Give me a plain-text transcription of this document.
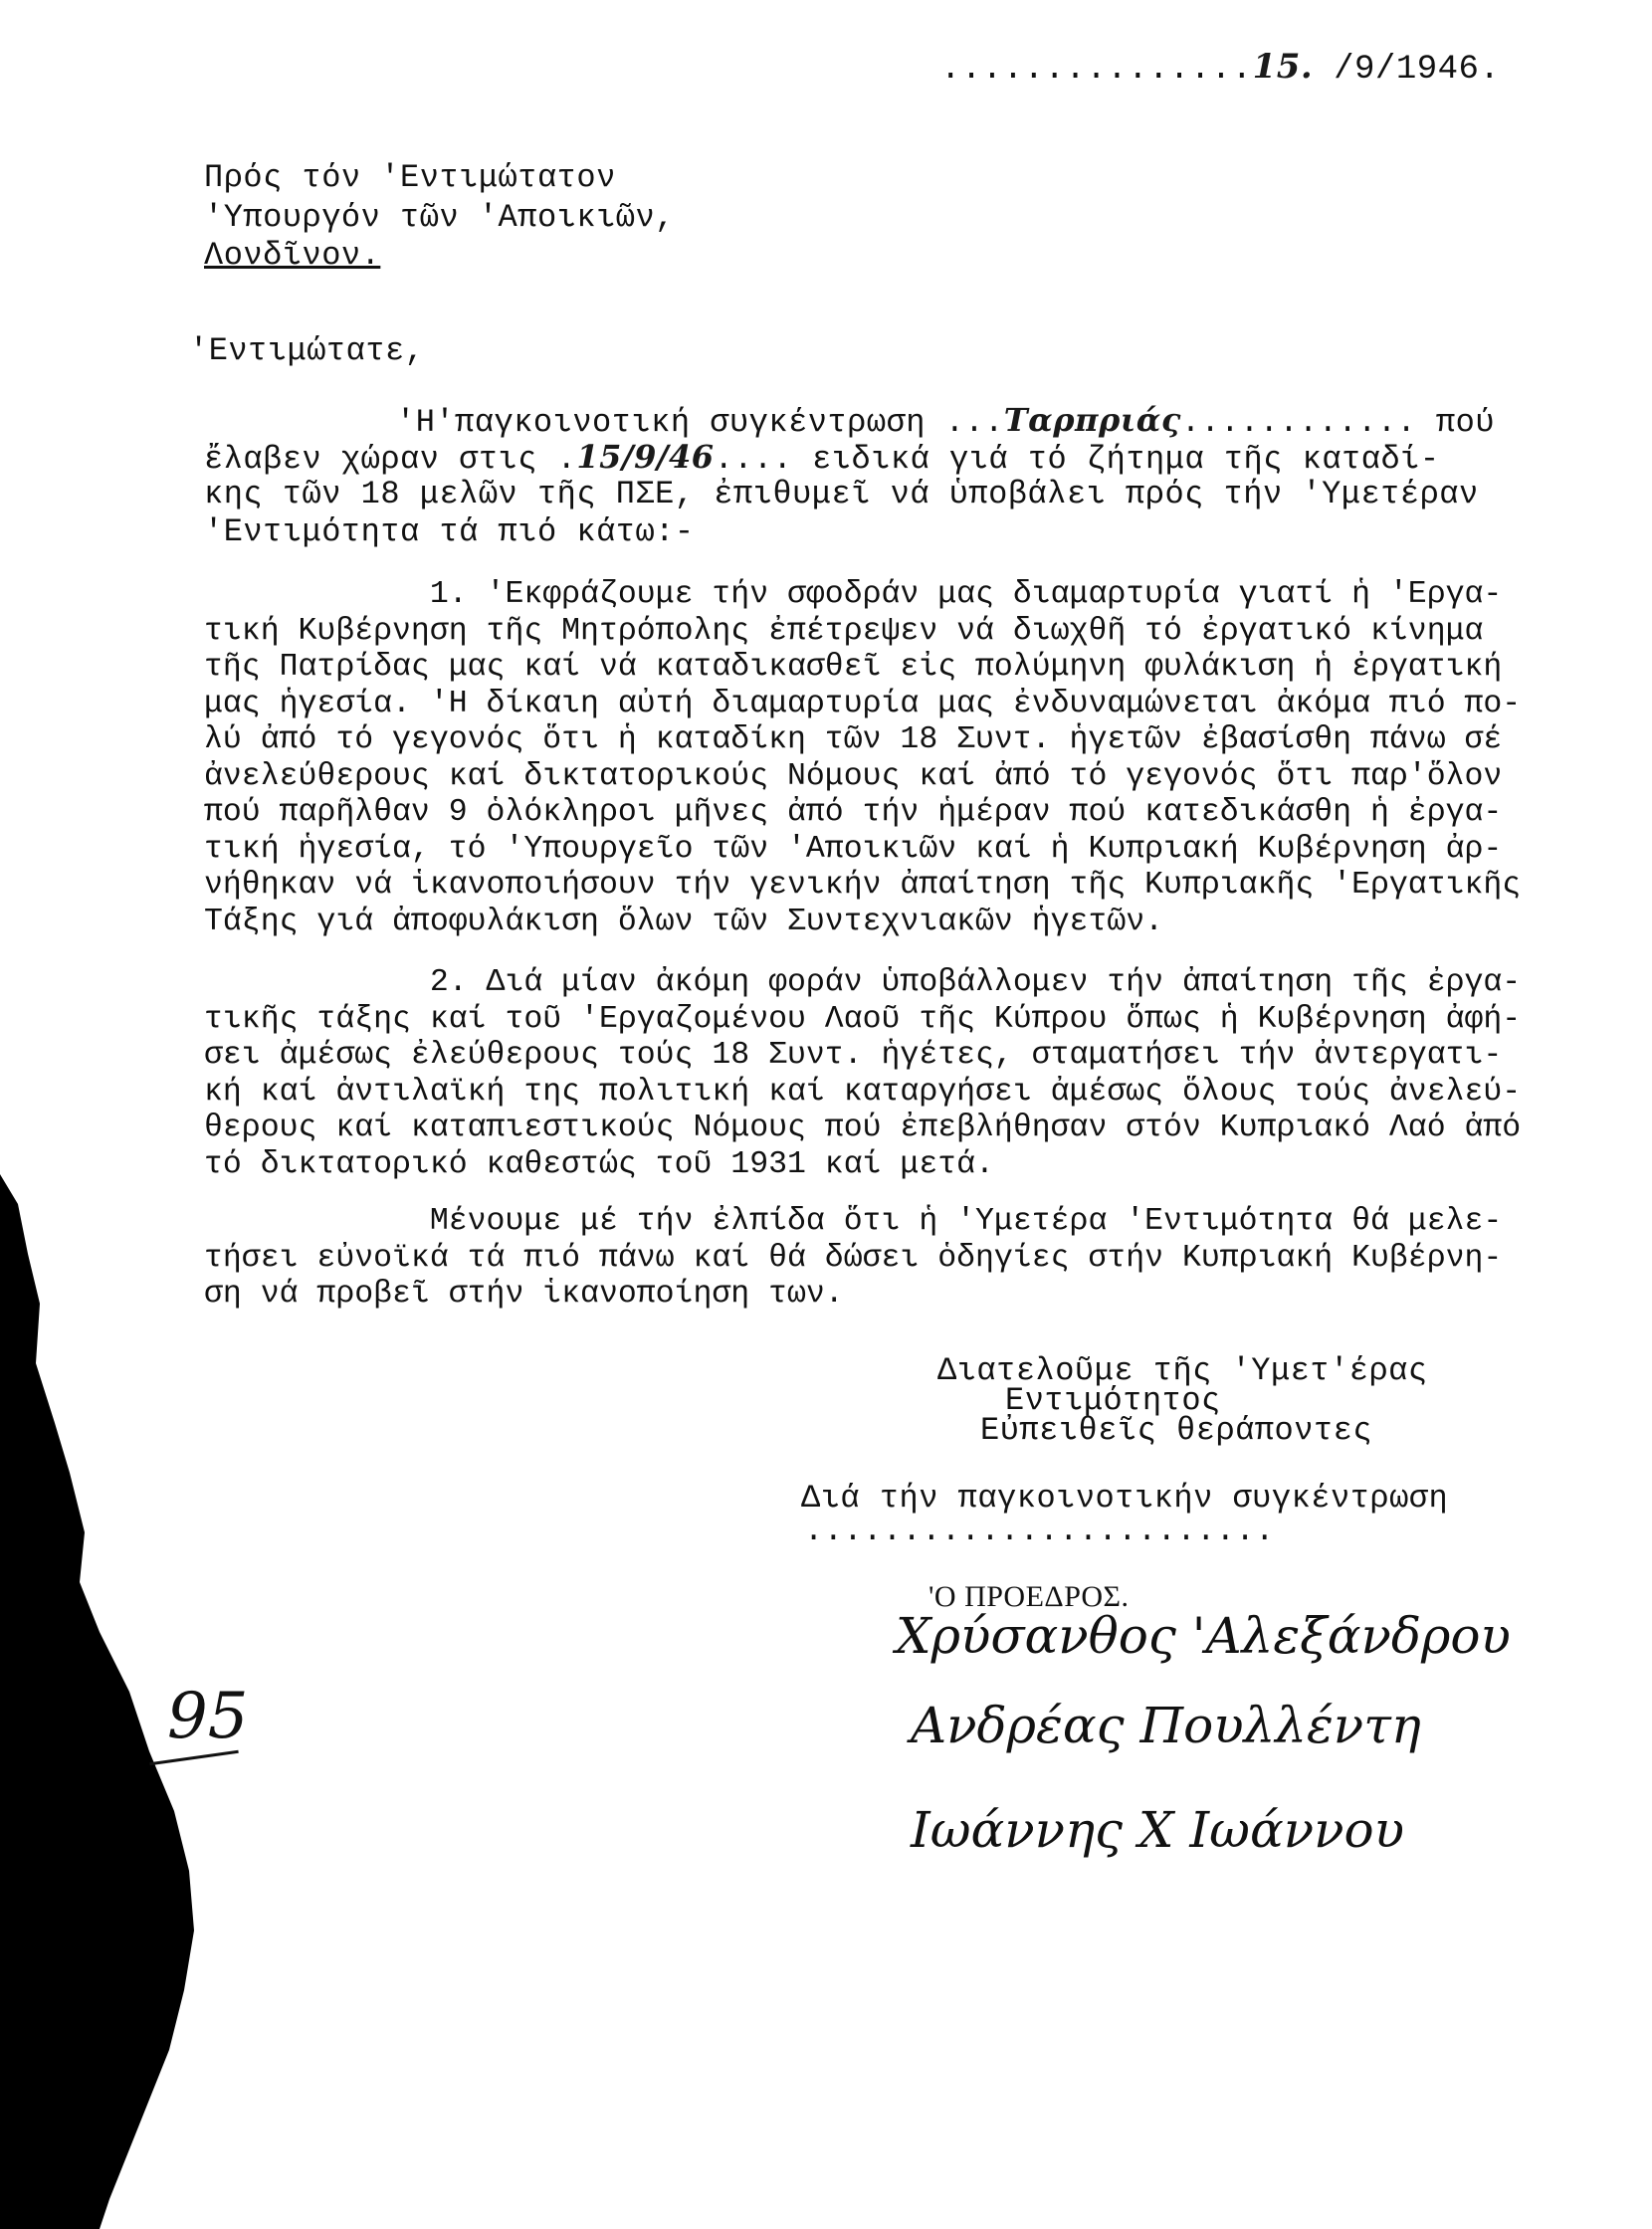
...............15. /9/1946.
Πρός τόν 'Εντιμώτατον
'Υπουργόν τῶν 'Αποικιῶν,
Λονδῖνον.
'Εντιμώτατε,
'Η'παγκοινοτική συγκέντρωση ...Ταρπριάς............ πού
ἔλαβεν χώραν στις .15/9/46.... ειδικά γιά τό ζήτημα τῆς καταδί-
κης τῶν 18 μελῶν τῆς ΠΣΕ, ἐπιθυμεῖ νά ὑποβάλει πρός τήν 'Υμετέραν
'Εντιμότητα τά πιό κάτω:-
1. 'Εκφράζουμε τήν σφοδράν μας διαμαρτυρία γιατί ἡ 'Εργα-
τική Κυβέρνηση τῆς Μητρόπολης ἐπέτρεψεν νά διωχθῆ τό ἐργατικό κίνημα
τῆς Πατρίδας μας καί νά καταδικασθεῖ εἰς πολύμηνη φυλάκιση ἡ ἐργατική
μας ἡγεσία. 'Η δίκαιη αὐτή διαμαρτυρία μας ἐνδυναμώνεται ἀκόμα πιό πο-
λύ ἀπό τό γεγονός ὅτι ἡ καταδίκη τῶν 18 Συντ. ἡγετῶν ἐβασίσθη πάνω σέ
ἀνελεύθερους καί δικτατορικούς Νόμους καί ἀπό τό γεγονός ὅτι παρ'ὅλον
πού παρῆλθαν 9 ὁλόκληροι μῆνες ἀπό τήν ἡμέραν πού κατεδικάσθη ἡ ἐργα-
τική ἡγεσία, τό 'Υπουργεῖο τῶν 'Αποικιῶν καί ἡ Κυπριακή Κυβέρνηση ἀρ-
νήθηκαν νά ἱκανοποιήσουν τήν γενικήν ἀπαίτηση τῆς Κυπριακῆς 'Εργατικῆς
Τάξης γιά ἀποφυλάκιση ὅλων τῶν Συντεχνιακῶν ἡγετῶν.
2. Διά μίαν ἀκόμη φοράν ὑποβάλλομεν τήν ἀπαίτηση τῆς ἐργα-
τικῆς τάξης καί τοῦ 'Εργαζομένου Λαοῦ τῆς Κύπρου ὅπως ἡ Κυβέρνηση ἀφή-
σει ἀμέσως ἐλεύθερους τούς 18 Συντ. ἡγέτες, σταματήσει τήν ἀντεργατι-
κή καί ἀντιλαϊκή της πολιτική καί καταργήσει ἀμέσως ὅλους τούς ἀνελεύ-
θερους καί καταπιεστικούς Νόμους πού ἐπεβλήθησαν στόν Κυπριακό Λαό ἀπό
τό δικτατορικό καθεστώς τοῦ 1931 καί μετά.
Μένουμε μέ τήν ἐλπίδα ὅτι ἡ 'Υμετέρα 'Εντιμότητα θά μελε-
τήσει εὐνοϊκά τά πιό πάνω καί θά δώσει ὁδηγίες στήν Κυπριακή Κυβέρνη-
ση νά προβεῖ στήν ἱκανοποίηση των.
Διατελοῦμε τῆς 'Υμετ'έρας
Εντιμότητος
Εὐπειθεῖς θεράποντες
Διά τήν παγκοινοτικήν συγκέντρωση
........................
'Ο ΠΡΟΕΔΡΟΣ.
Χρύσανθος 'Αλεξάνδρου
Ανδρέας Πουλλέντη
Ιωάννης Χ Ιωάννου
95
